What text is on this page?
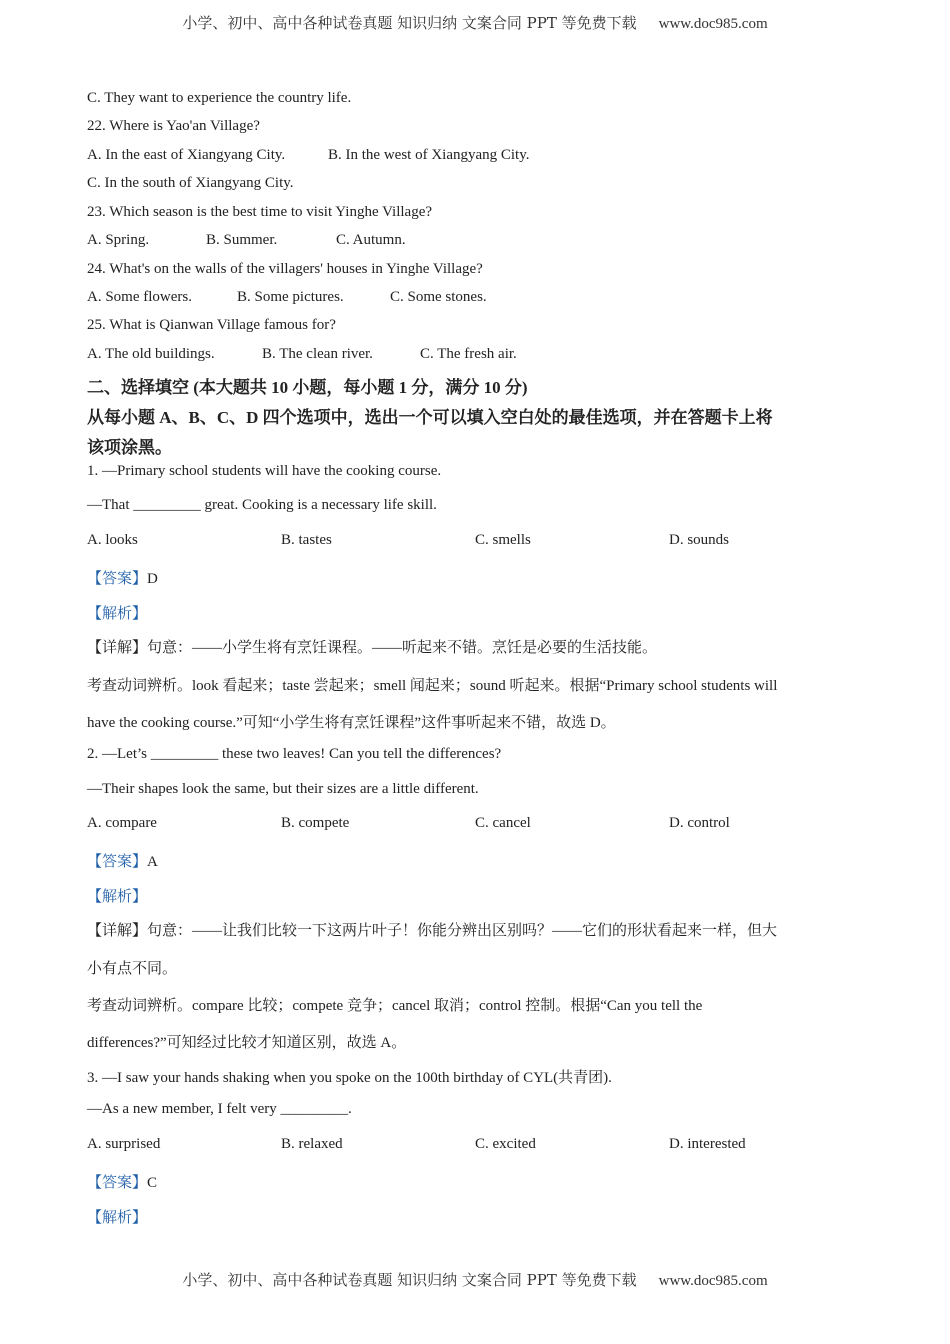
小学、初中、高中各种试卷真题 知识归纳 文案合同 PPT 等免费下载 www.doc985.com
C. They want to experience the country life.
22. Where is Yao'an Village?
A. In the east of Xiangyang City.	B. In the west of Xiangyang City.
C. In the south of Xiangyang City.
23. Which season is the best time to visit Yinghe Village?
A. Spring.	B. Summer.	C. Autumn.
24. What's on the walls of the villagers' houses in Yinghe Village?
A. Some flowers.	B. Some pictures.	C. Some stones.
25. What is Qianwan Village famous for?
A. The old buildings.	B. The clean river.	C. The fresh air.
二、选择填空 (本大题共 10 小题，每小题 1 分，满分 10 分)
从每小题 A、B、C、D 四个选项中，选出一个可以填入空白处的最佳选项，并在答题卡上将
该项涂黑。
1. —Primary school students will have the cooking course.
—That _________ great. Cooking is a necessary life skill.
A. looks	B. tastes	C. smells	D. sounds
【答案】D
【解析】
【详解】句意：——小学生将有烹饪课程。——听起来不错。烹饪是必要的生活技能。
考查动词辨析。look 看起来；taste 尝起来；smell 闻起来；sound 听起来。根据“Primary school students will
have the cooking course.”可知“小学生将有烹饪课程”这件事听起来不错，故选 D。
2. —Let’s _________ these two leaves! Can you tell the differences?
—Their shapes look the same, but their sizes are a little different.
A. compare	B. compete	C. cancel	D. control
【答案】A
【解析】
【详解】句意：——让我们比较一下这两片叶子！你能分辨出区别吗？——它们的形状看起来一样，但大
小有点不同。
考查动词辨析。compare 比较；compete 竞争；cancel 取消；control 控制。根据“Can you tell the
differences?”可知经过比较才知道区别，故选 A。
3. —I saw your hands shaking when you spoke on the 100th birthday of CYL(共青团).
—As a new member, I felt very _________.
A. surprised	B. relaxed	C. excited	D. interested
【答案】C
【解析】
小学、初中、高中各种试卷真题 知识归纳 文案合同 PPT 等免费下载 www.doc985.com
